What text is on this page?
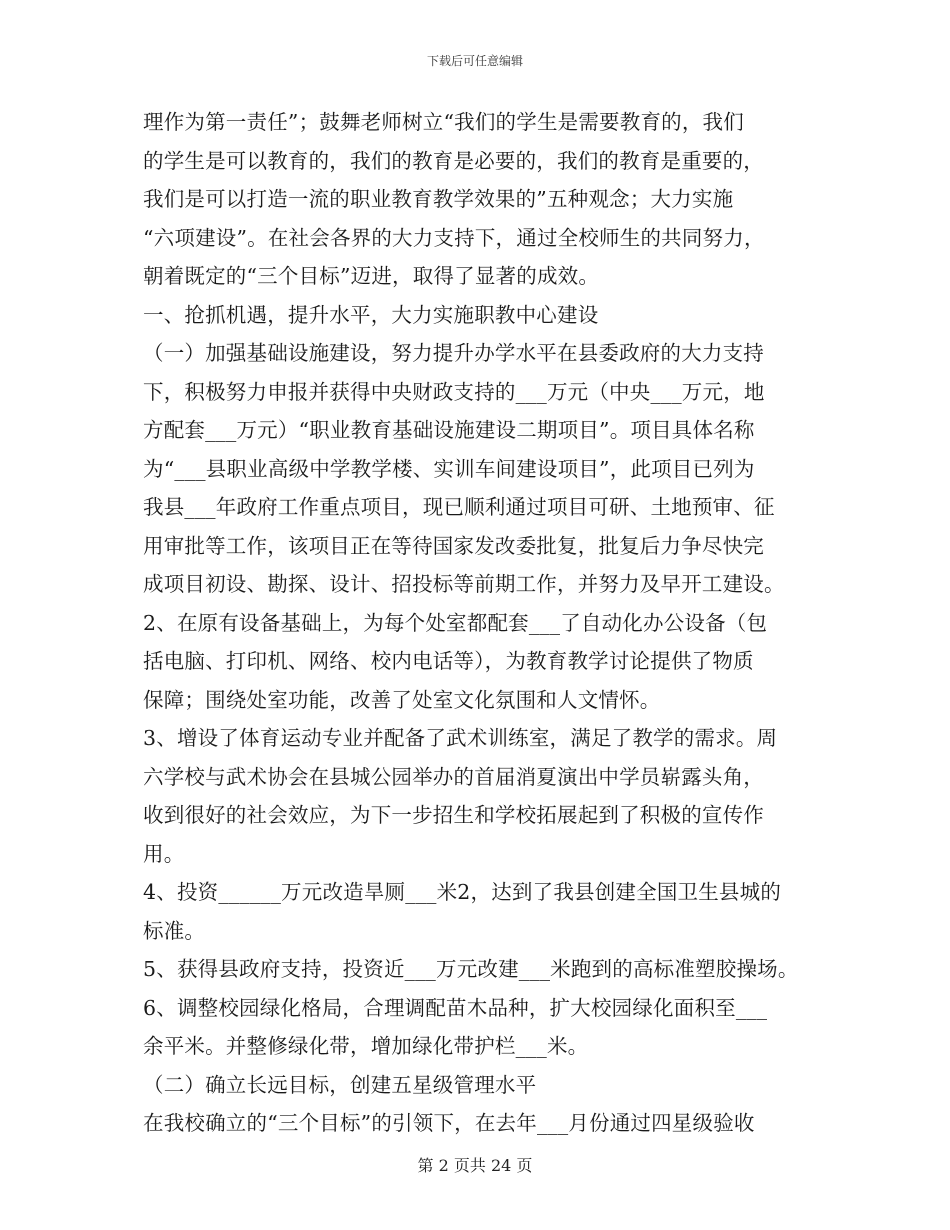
下载后可任意编辑
理作为第一责任”；鼓舞老师树立“我们的学生是需要教育的，我们
的学生是可以教育的，我们的教育是必要的，我们的教育是重要的，
我们是可以打造一流的职业教育教学效果的”五种观念；大力实施
“六项建设”。在社会各界的大力支持下，通过全校师生的共同努力，
朝着既定的“三个目标”迈进，取得了显著的成效。
一、抢抓机遇，提升水平，大力实施职教中心建设
（一）加强基础设施建设，努力提升办学水平在县委政府的大力支持
下，积极努力申报并获得中央财政支持的___万元（中央___万元，地
方配套___万元）“职业教育基础设施建设二期项目”。项目具体名称
为“___县职业高级中学教学楼、实训车间建设项目”，此项目已列为
我县___年政府工作重点项目，现已顺利通过项目可研、土地预审、征
用审批等工作，该项目正在等待国家发改委批复，批复后力争尽快完
成项目初设、勘探、设计、招投标等前期工作，并努力及早开工建设。
2、在原有设备基础上，为每个处室都配套___了自动化办公设备（包
括电脑、打印机、网络、校内电话等），为教育教学讨论提供了物质
保障；围绕处室功能，改善了处室文化氛围和人文情怀。
3、增设了体育运动专业并配备了武术训练室，满足了教学的需求。周
六学校与武术协会在县城公园举办的首届消夏演出中学员崭露头角，
收到很好的社会效应，为下一步招生和学校拓展起到了积极的宣传作
用。
4、投资______万元改造旱厕___米2，达到了我县创建全国卫生县城的
标准。
5、获得县政府支持，投资近___万元改建___米跑到的高标准塑胶操场。
6、调整校园绿化格局，合理调配苗木品种，扩大校园绿化面积至___
余平米。并整修绿化带，增加绿化带护栏___米。
（二）确立长远目标，创建五星级管理水平
在我校确立的“三个目标”的引领下，在去年___月份通过四星级验收
第 2 页共 24 页
